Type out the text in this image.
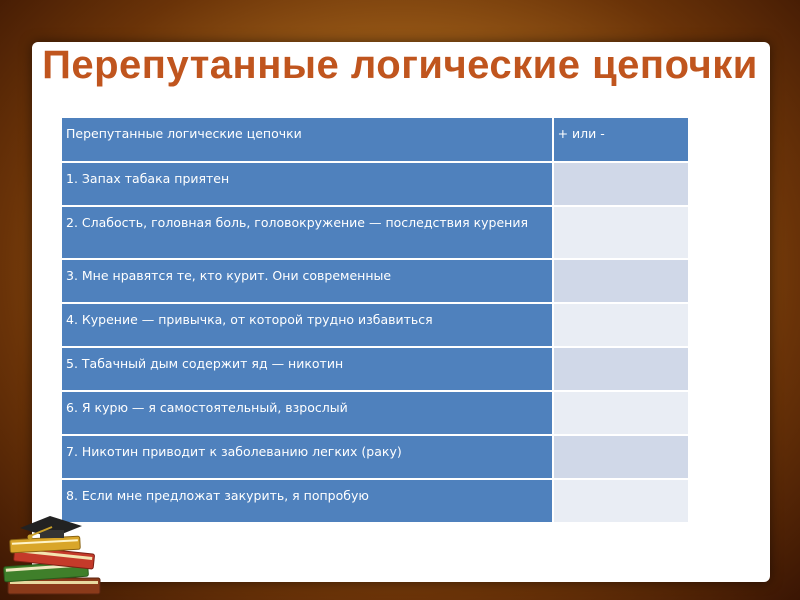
Перепутанные логические цепочки
Перепутанные логические цепочки	+ или -
1. Запах табака приятен	
2. Слабость, головная боль, головокружение — последствия курения	
3. Мне нравятся те, кто курит. Они современные	
4. Курение — привычка, от которой трудно избавиться	
5. Табачный дым содержит яд — никотин	
6. Я курю — я самостоятельный, взрослый	
7. Никотин приводит к заболеванию легких (раку)	
8. Если мне предложат закурить, я попробую	
